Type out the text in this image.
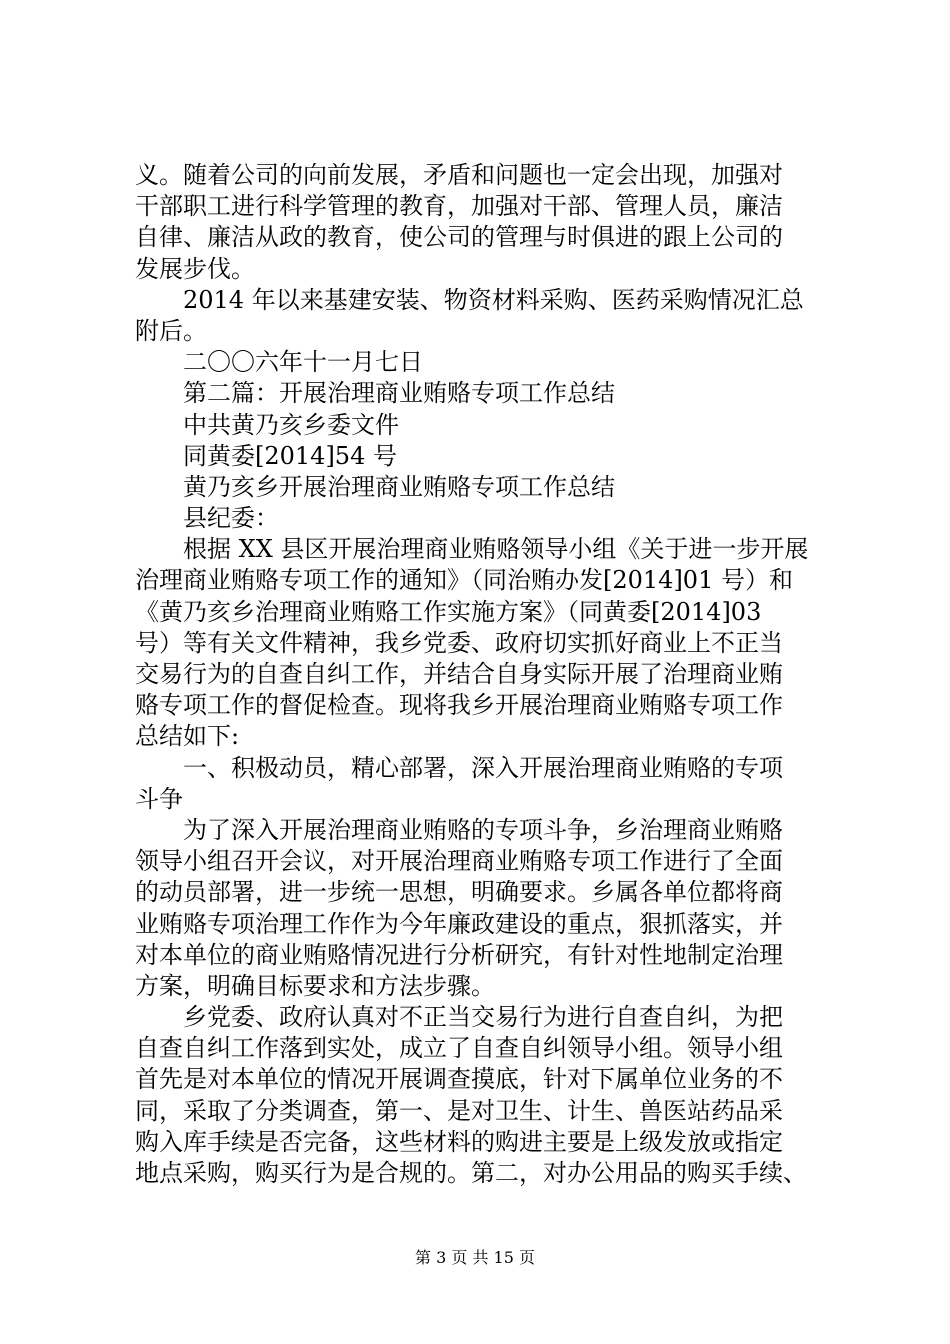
义。随着公司的向前发展，矛盾和问题也一定会出现，加强对
干部职工进行科学管理的教育，加强对干部、管理人员，廉洁
自律、廉洁从政的教育，使公司的管理与时俱进的跟上公司的
发展步伐。
2014 年以来基建安装、物资材料采购、医药采购情况汇总
附后。
二〇〇六年十一月七日
第二篇：开展治理商业贿赂专项工作总结
中共黄乃亥乡委文件
同黄委[2014]54 号
黄乃亥乡开展治理商业贿赂专项工作总结
县纪委：
根据 XX 县区开展治理商业贿赂领导小组《关于进一步开展
治理商业贿赂专项工作的通知》（同治贿办发[2014]01 号）和
《黄乃亥乡治理商业贿赂工作实施方案》（同黄委[2014]03
号）等有关文件精神，我乡党委、政府切实抓好商业上不正当
交易行为的自查自纠工作，并结合自身实际开展了治理商业贿
赂专项工作的督促检查。现将我乡开展治理商业贿赂专项工作
总结如下:
一、积极动员，精心部署，深入开展治理商业贿赂的专项
斗争
为了深入开展治理商业贿赂的专项斗争，乡治理商业贿赂
领导小组召开会议，对开展治理商业贿赂专项工作进行了全面
的动员部署，进一步统一思想，明确要求。乡属各单位都将商
业贿赂专项治理工作作为今年廉政建设的重点，狠抓落实，并
对本单位的商业贿赂情况进行分析研究，有针对性地制定治理
方案，明确目标要求和方法步骤。
乡党委、政府认真对不正当交易行为进行自查自纠，为把
自查自纠工作落到实处，成立了自查自纠领导小组。领导小组
首先是对本单位的情况开展调查摸底，针对下属单位业务的不
同，采取了分类调查，第一、是对卫生、计生、兽医站药品采
购入库手续是否完备，这些材料的购进主要是上级发放或指定
地点采购，购买行为是合规的。第二，对办公用品的购买手续、
第 3 页 共 15 页
